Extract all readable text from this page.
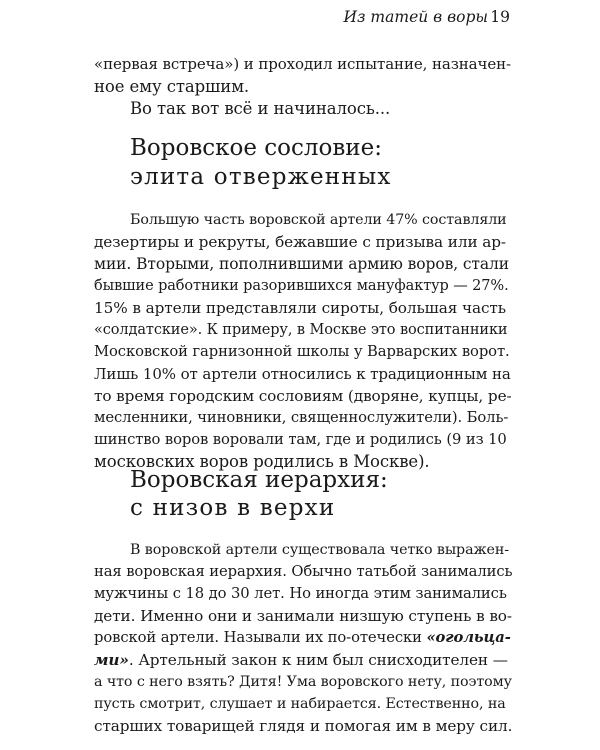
Из татей в воры 19
«первая встреча») и проходил испытание, назначен-
ное ему старшим.
Во так вот всё и начиналось...
Воровское сословие:
элита отверженных
Большую часть воровской артели 47% составляли
дезертиры и рекруты, бежавшие с призыва или ар-
мии. Вторыми, пополнившими армию воров, стали
бывшие работники разорившихся мануфактур — 27%.
15% в артели представляли сироты, большая часть
«солдатские». К примеру, в Москве это воспитанники
Московской гарнизонной школы у Варварских ворот.
Лишь 10% от артели относились к традиционным на
то время городским сословиям (дворяне, купцы, ре-
месленники, чиновники, священнослужители). Боль-
шинство воров воровали там, где и родились (9 из 10
московских воров родились в Москве).
Воровская иерархия:
с низов в верхи
В воровской артели существовала четко выражен-
ная воровская иерархия. Обычно татьбой занимались
мужчины с 18 до 30 лет. Но иногда этим занимались
дети. Именно они и занимали низшую ступень в во-
ровской артели. Называли их по-отечески «огольца-
ми». Артельный закон к ним был снисходителен —
а что с него взять? Дитя! Ума воровского нету, поэтому
пусть смотрит, слушает и набирается. Естественно, на
старших товарищей глядя и помогая им в меру сил.
